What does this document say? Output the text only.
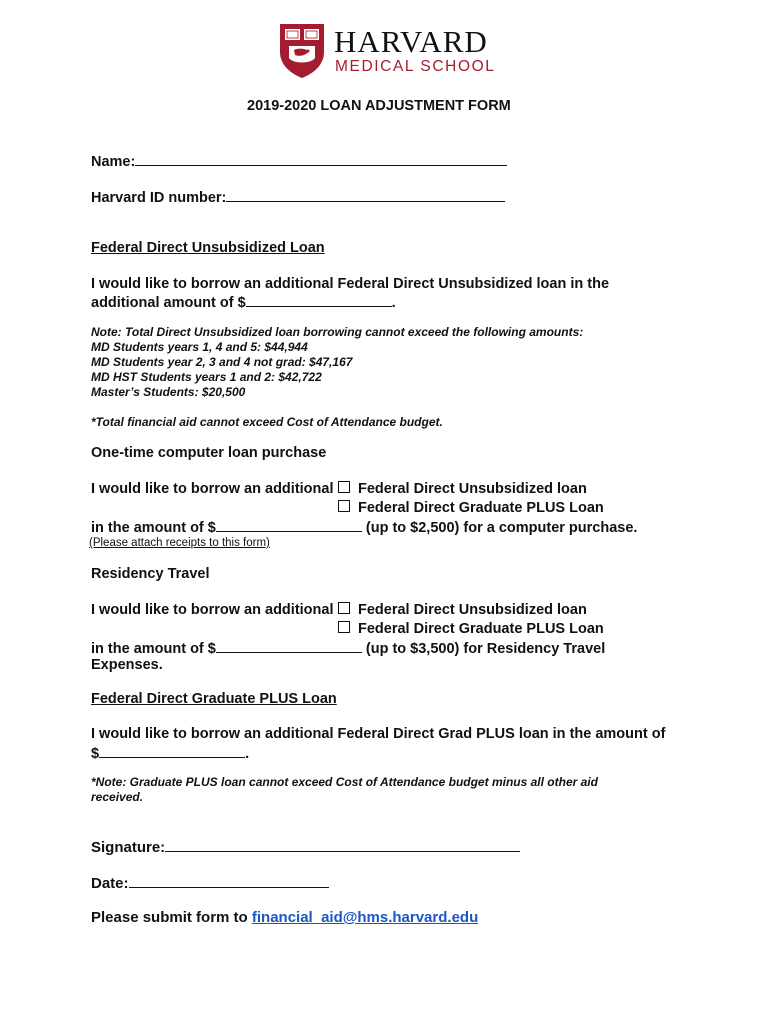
HARVARD
MEDICAL SCHOOL
2019-2020 LOAN ADJUSTMENT FORM
Name:
Harvard ID number:
Federal Direct Unsubsidized Loan
I would like to borrow an additional Federal Direct Unsubsidized loan in the
additional amount of $	.
Note: Total Direct Unsubsidized loan borrowing cannot exceed the following amounts:
MD Students years 1, 4 and 5: $44,944
MD Students year 2, 3 and 4 not grad: $47,167
MD HST Students years 1 and 2: $42,722
Master’s Students: $20,500
*Total financial aid cannot exceed Cost of Attendance budget.
One-time computer loan purchase
I would like to borrow an additional	Federal Direct Unsubsidized loan
Federal Direct Graduate PLUS Loan
in the amount of $	(up to $2,500) for a computer purchase.
(Please attach receipts to this form)
Residency Travel
I would like to borrow an additional	Federal Direct Unsubsidized loan
Federal Direct Graduate PLUS Loan
in the amount of $	(up to $3,500) for Residency Travel
Expenses.
Federal Direct Graduate PLUS Loan
I would like to borrow an additional Federal Direct Grad PLUS loan in the amount of
$	.
*Note: Graduate PLUS loan cannot exceed Cost of Attendance budget minus all other aid
received.
Signature:
Date:
Please submit form to financial_aid@hms.harvard.edu
